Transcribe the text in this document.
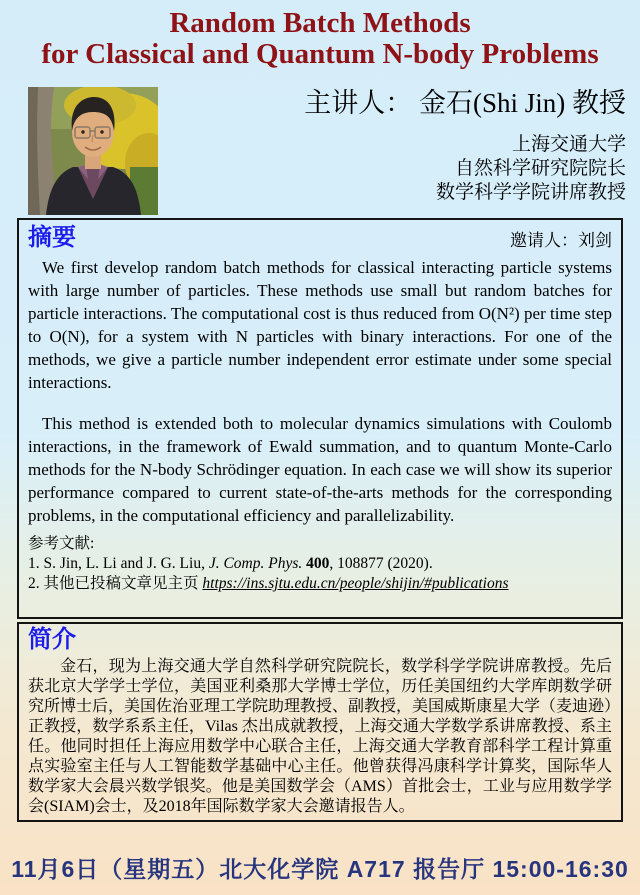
Random Batch Methods
for Classical and Quantum N-body Problems
主讲人： 金石(Shi Jin) 教授
上海交通大学
自然科学研究院院长
数学科学学院讲席教授
摘要	邀请人：刘剑

We first develop random batch methods for classical interacting particle systems with large number of particles. These methods use small but random batches for particle interactions. The computational cost is thus reduced from O(N²) per time step to O(N), for a system with N particles with binary interactions. For one of the methods, we give a particle number independent error estimate under some special interactions.

This method is extended both to molecular dynamics simulations with Coulomb interactions, in the framework of Ewald summation, and to quantum Monte-Carlo methods for the N-body Schrödinger equation. In each case we will show its superior performance compared to current state-of-the-arts methods for the corresponding problems, in the computational efficiency and parallelizability.

参考文献:
1. S. Jin, L. Li and J. G. Liu, J. Comp. Phys. 400, 108877 (2020).
2. 其他已投稿文章见主页 https://ins.sjtu.edu.cn/people/shijin/#publications
简介

金石，现为上海交通大学自然科学研究院院长，数学科学学院讲席教授。先后获北京大学学士学位，美国亚利桑那大学博士学位，历任美国纽约大学库朗数学研究所博士后，美国佐治亚理工学院助理教授、副教授，美国威斯康星大学（麦迪逊）正教授，数学系系主任，Vilas 杰出成就教授，上海交通大学数学系讲席教授、系主任。他同时担任上海应用数学中心联合主任，上海交通大学教育部科学工程计算重点实验室主任与人工智能数学基础中心主任。他曾获得冯康科学计算奖，国际华人数学家大会晨兴数学银奖。他是美国数学会（AMS）首批会士，工业与应用数学学会(SIAM)会士，及2018年国际数学家大会邀请报告人。

11月6日（星期五）北大化学院 A717 报告厅 15:00-16:30
